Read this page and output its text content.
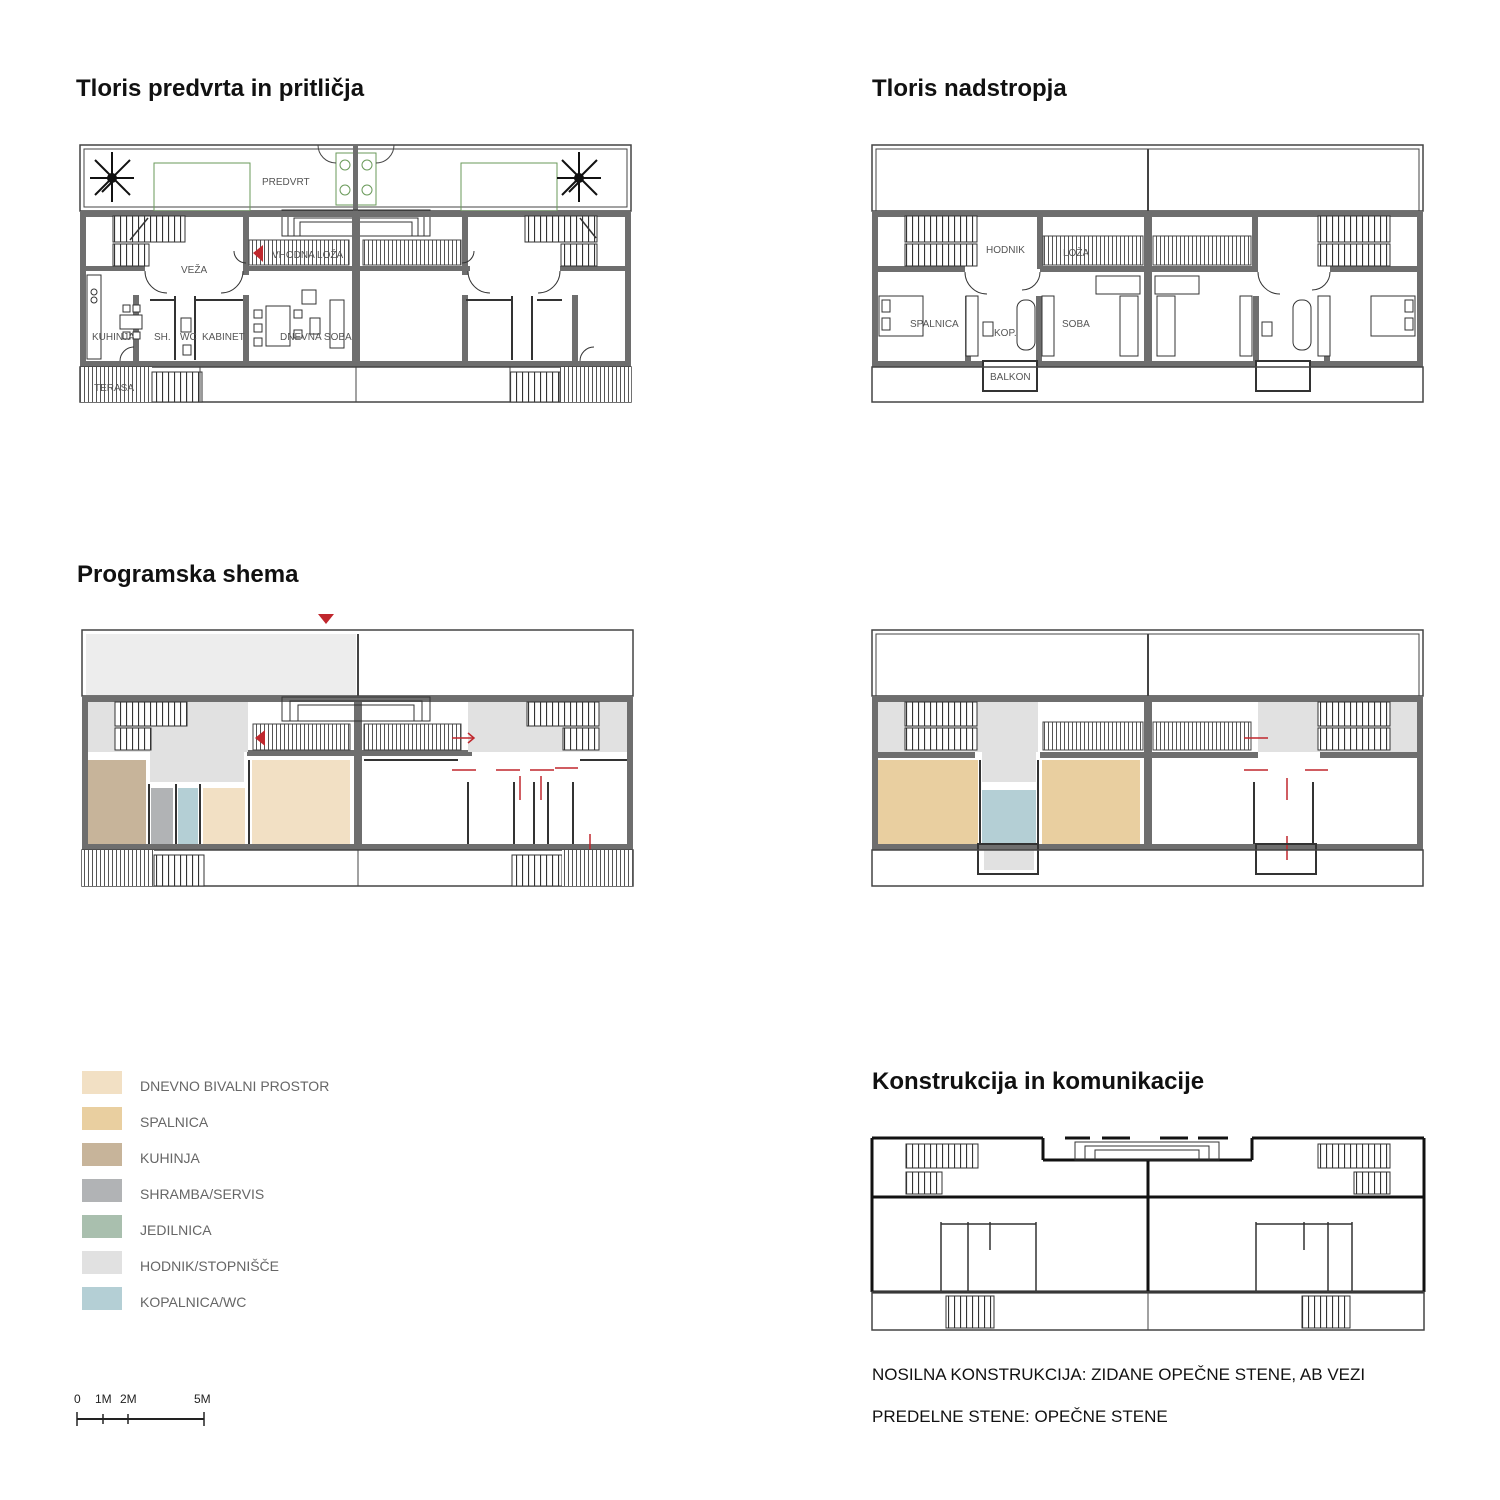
Tloris predvrta in pritličja	Tloris nadstropja
Programska shema
Konstrukcija in komunikacije
PREDVRT
VEŽA
VHODNA LOŽA
KUHINJA SH. WC KABINET	DNEVNA SOBA
TERASA
HODNIK	LOŽA
SPALNICA
KOP.
SOBA
BALKON
DNEVNO BIVALNI PROSTOR
SPALNICA
KUHINJA
SHRAMBA/SERVIS
JEDILNICA
HODNIK/STOPNIŠČE
KOPALNICA/WC
0 1M 2M	5M
NOSILNA KONSTRUKCIJA: ZIDANE OPEČNE STENE, AB VEZI
PREDELNE STENE: OPEČNE STENE
